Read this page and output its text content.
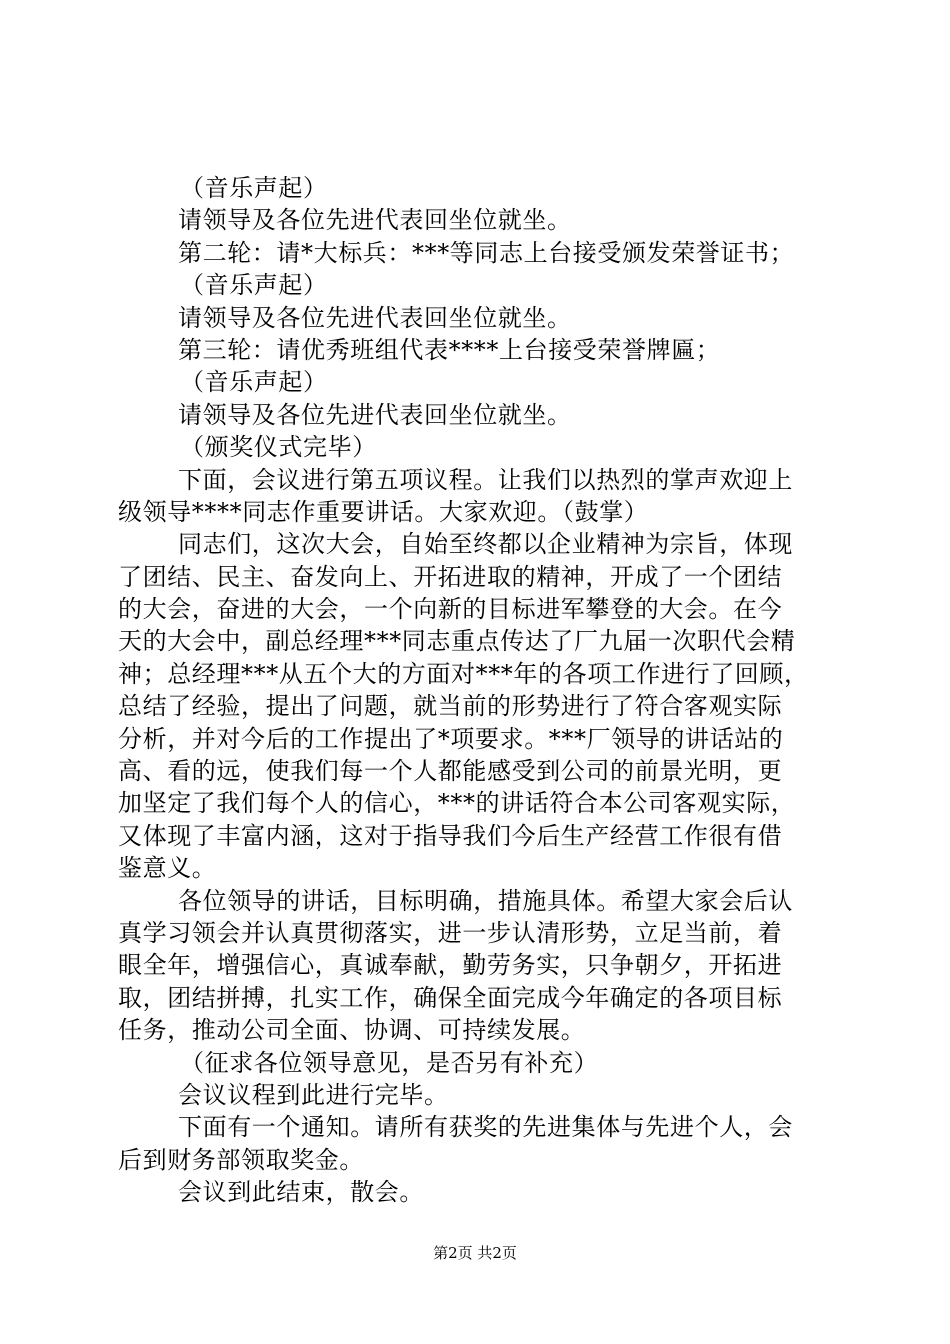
（音乐声起）

请领导及各位先进代表回坐位就坐。

第二轮：请*大标兵：***等同志上台接受颁发荣誉证书；

（音乐声起）

请领导及各位先进代表回坐位就坐。

第三轮：请优秀班组代表****上台接受荣誉牌匾；

（音乐声起）

请领导及各位先进代表回坐位就坐。

（颁奖仪式完毕）

下面，会议进行第五项议程。让我们以热烈的掌声欢迎上

级领导****同志作重要讲话。大家欢迎。（鼓掌）

同志们，这次大会，自始至终都以企业精神为宗旨，体现

了团结、民主、奋发向上、开拓进取的精神，开成了一个团结

的大会，奋进的大会，一个向新的目标进军攀登的大会。在今

天的大会中，副总经理***同志重点传达了厂九届一次职代会精

神；总经理***从五个大的方面对***年的各项工作进行了回顾，

总结了经验，提出了问题，就当前的形势进行了符合客观实际

分析，并对今后的工作提出了*项要求。***厂领导的讲话站的

高、看的远，使我们每一个人都能感受到公司的前景光明，更

加坚定了我们每个人的信心，***的讲话符合本公司客观实际，

又体现了丰富内涵，这对于指导我们今后生产经营工作很有借

鉴意义。

各位领导的讲话，目标明确，措施具体。希望大家会后认

真学习领会并认真贯彻落实，进一步认清形势，立足当前，着

眼全年，增强信心，真诚奉献，勤劳务实，只争朝夕，开拓进

取，团结拼搏，扎实工作，确保全面完成今年确定的各项目标

任务，推动公司全面、协调、可持续发展。

（征求各位领导意见，是否另有补充）

会议议程到此进行完毕。

下面有一个通知。请所有获奖的先进集体与先进个人，会

后到财务部领取奖金。

会议到此结束，散会。

第2页 共2页
